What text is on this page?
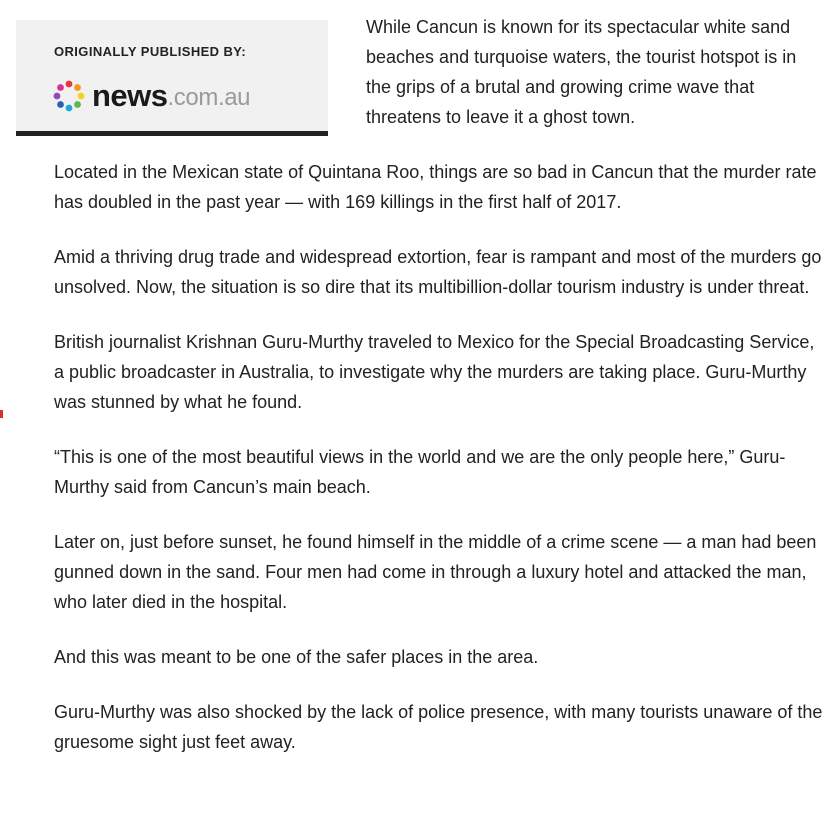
ORIGINALLY PUBLISHED BY:
news .com.au

While Cancun is known for its spectacular white sand beaches and turquoise waters, the tourist hotspot is in the grips of a brutal and growing crime wave that threatens to leave it a ghost town.

Located in the Mexican state of Quintana Roo, things are so bad in Cancun that the murder rate has doubled in the past year — with 169 killings in the first half of 2017.

Amid a thriving drug trade and widespread extortion, fear is rampant and most of the murders go unsolved. Now, the situation is so dire that its multibillion-dollar tourism industry is under threat.

British journalist Krishnan Guru-Murthy traveled to Mexico for the Special Broadcasting Service, a public broadcaster in Australia, to investigate why the murders are taking place. Guru-Murthy was stunned by what he found.

“This is one of the most beautiful views in the world and we are the only people here,” Guru-Murthy said from Cancun’s main beach.

Later on, just before sunset, he found himself in the middle of a crime scene — a man had been gunned down in the sand. Four men had come in through a luxury hotel and attacked the man, who later died in the hospital.

And this was meant to be one of the safer places in the area.

Guru-Murthy was also shocked by the lack of police presence, with many tourists unaware of the gruesome sight just feet away.
